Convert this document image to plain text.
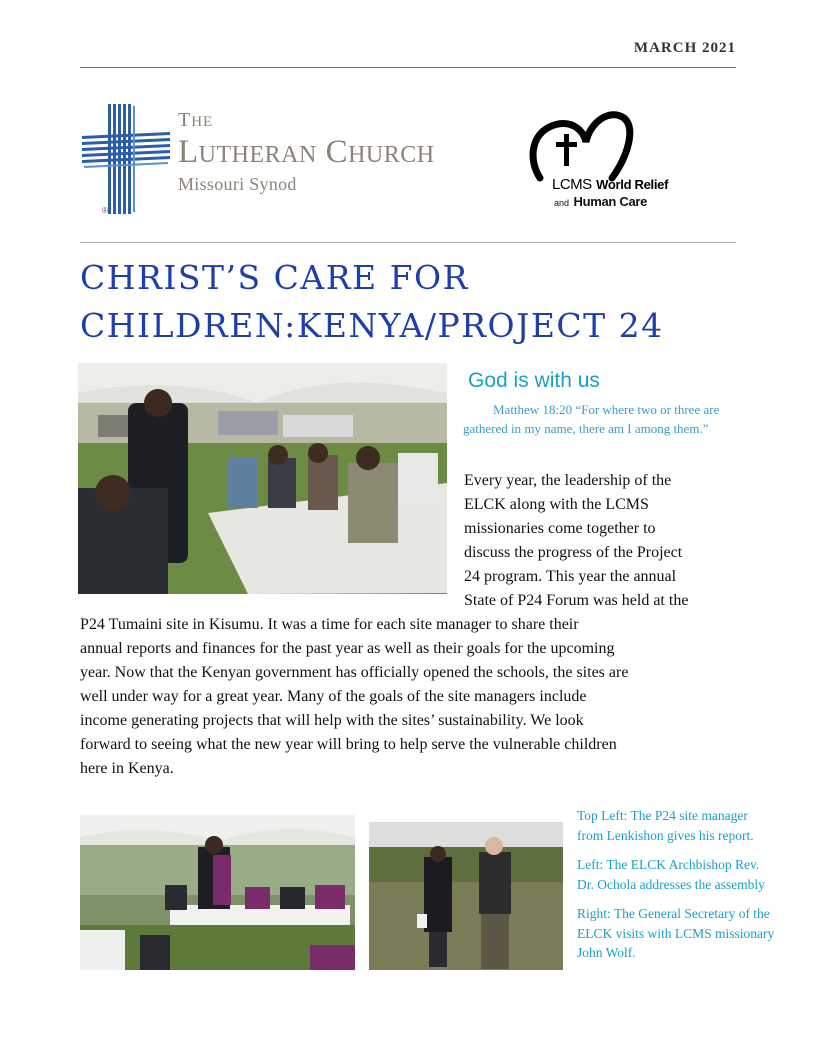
MARCH 2021
®
THE
LUTHERAN CHURCH
Missouri Synod	LCMS World Relief
and Human Care
CHRIST’S CARE FOR
CHILDREN:KENYA/PROJECT 24
God is with us

Matthew 18:20 “For where two or three are gathered in my name, there am I among them.”

Every year, the leadership of the
ELCK along with the LCMS
missionaries come together to
discuss the progress of the Project
24 program. This year the annual
State of P24 Forum was held at the
P24 Tumaini site in Kisumu. It was a time for each site manager to share their
annual reports and finances for the past year as well as their goals for the upcoming
year. Now that the Kenyan government has officially opened the schools, the sites are
well under way for a great year. Many of the goals of the site managers include
income generating projects that will help with the sites’ sustainability. We look
forward to seeing what the new year will bring to help serve the vulnerable children
here in Kenya.

Top Left: The P24 site manager from Lenkishon gives his report.

Left: The ELCK Archbishop Rev. Dr. Ochola addresses the assembly

Right: The General Secretary of the ELCK visits with LCMS missionary John Wolf.
